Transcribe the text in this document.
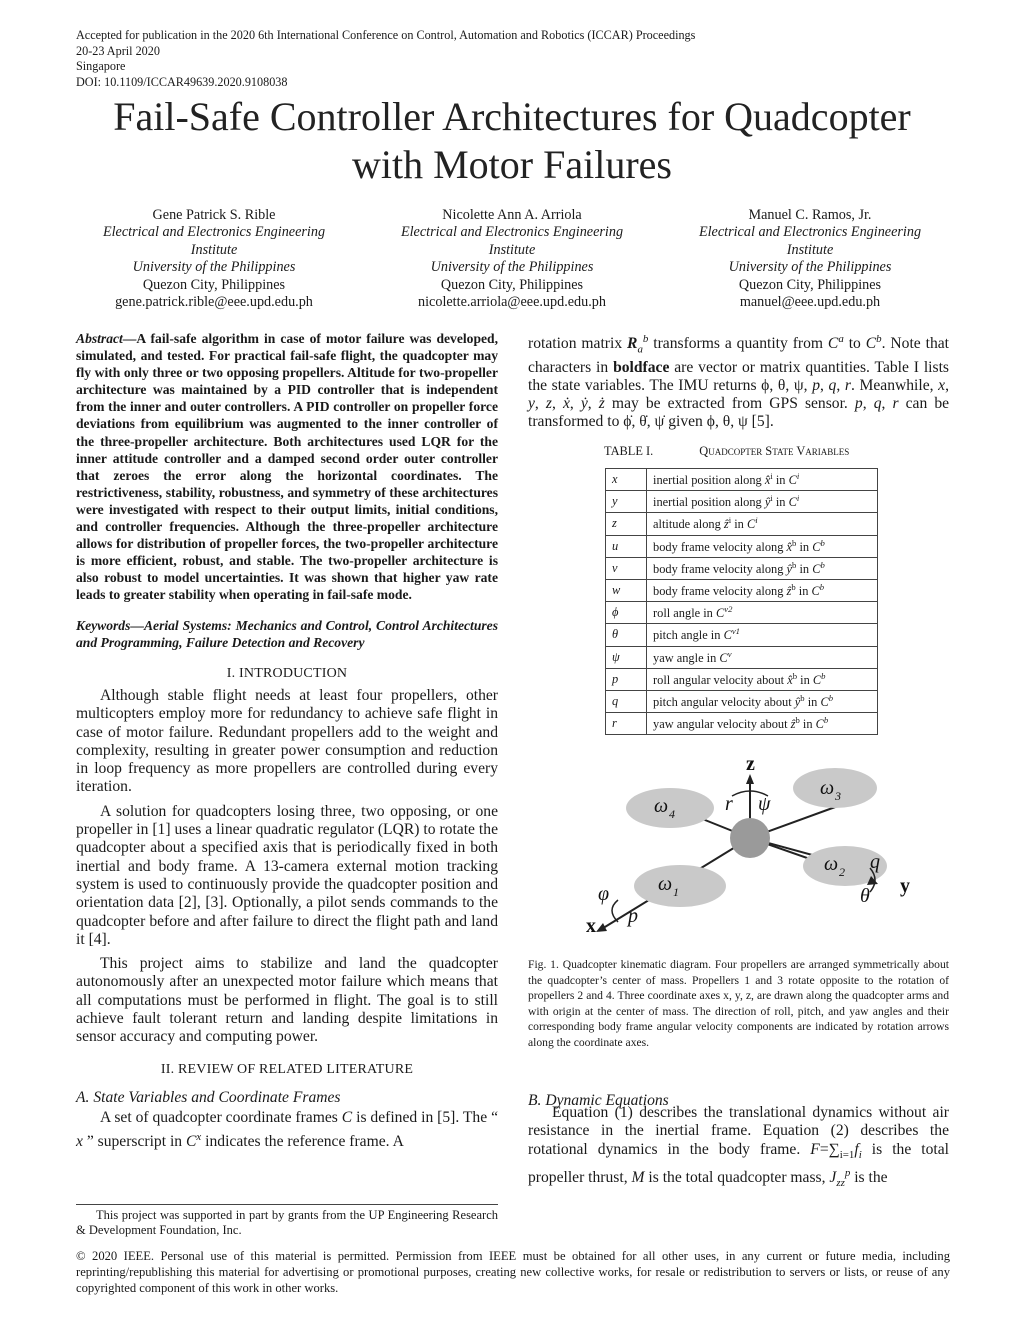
Accepted for publication in the 2020 6th International Conference on Control, Automation and Robotics (ICCAR) Proceedings
20-23 April 2020
Singapore
DOI: 10.1109/ICCAR49639.2020.9108038
Fail-Safe Controller Architectures for Quadcopter
with Motor Failures
Gene Patrick S. Rible
Electrical and Electronics Engineering
Institute
University of the Philippines
Quezon City, Philippines
gene.patrick.rible@eee.upd.edu.ph
Nicolette Ann A. Arriola
Electrical and Electronics Engineering
Institute
University of the Philippines
Quezon City, Philippines
nicolette.arriola@eee.upd.edu.ph
Manuel C. Ramos, Jr.
Electrical and Electronics Engineering
Institute
University of the Philippines
Quezon City, Philippines
manuel@eee.upd.edu.ph
Abstract—A fail-safe algorithm in case of motor failure was developed, simulated, and tested. For practical fail-safe flight, the quadcopter may fly with only three or two opposing propellers. Altitude for two-propeller architecture was maintained by a PID controller that is independent from the inner and outer controllers. A PID controller on propeller force deviations from equilibrium was augmented to the inner controller of the three-propeller architecture. Both architectures used LQR for the inner attitude controller and a damped second order outer controller that zeroes the error along the horizontal coordinates. The restrictiveness, stability, robustness, and symmetry of these architectures were investigated with respect to their output limits, initial conditions, and controller frequencies. Although the three-propeller architecture allows for distribution of propeller forces, the two-propeller architecture is more efficient, robust, and stable. The two-propeller architecture is also robust to model uncertainties. It was shown that higher yaw rate leads to greater stability when operating in fail-safe mode.
Keywords—Aerial Systems: Mechanics and Control, Control Architectures and Programming, Failure Detection and Recovery
I. INTRODUCTION

Although stable flight needs at least four propellers, other multicopters employ more for redundancy to achieve safe flight in case of motor failure. Redundant propellers add to the weight and complexity, resulting in greater power consumption and reduction in loop frequency as more propellers are controlled during every iteration.

A solution for quadcopters losing three, two opposing, or one propeller in [1] uses a linear quadratic regulator (LQR) to rotate the quadcopter about a specified axis that is periodically fixed in both inertial and body frame. A 13-camera external motion tracking system is used to continuously provide the quadcopter position and orientation data [2], [3]. Optionally, a pilot sends commands to the quadcopter before and after failure to direct the flight path and land it [4].

This project aims to stabilize and land the quadcopter autonomously after an unexpected motor failure which means that all computations must be performed in flight. The goal is to still achieve fault tolerant return and landing despite limitations in sensor accuracy and computing power.

II. REVIEW OF RELATED LITERATURE
A. State Variables and Coordinate Frames

A set of quadcopter coordinate frames C is defined in [5]. The “ x ” superscript in $C^x$ indicates the reference frame. A

rotation matrix $R_a^b$ transforms a quantity from $C^a$ to $C^b$. Note that characters in boldface are vector or matrix quantities. Table I lists the state variables. The IMU returns ϕ, θ, ψ, p, q, r. Meanwhile, x, y, z, ẋ, ẏ, ż may be extracted from GPS sensor. p, q, r can be transformed to ϕ̇, θ̇, ψ̇ given ϕ, θ, ψ [5].

TABLE I.	Quadcopter State Variables
x	inertial position along x̂$^i$ in $C^i$
y	inertial position along $ŷ^i$ in $C^i$
z	altitude along ẑ$^i$ in $C^i$
u	body frame velocity along x̂$^b$ in $C^b$
v	body frame velocity along $ŷ^b$ in $C^b$
w	body frame velocity along ẑ$^b$ in $C^b$
ϕ	roll angle in $C^{v2}$
θ	pitch angle in $C^{v1}$
ψ	yaw angle in $C^v$
p	roll angular velocity about x̂$^b$ in $C^b$
q	pitch angular velocity about $ŷ^b$ in $C^b$
r	yaw angular velocity about ẑ$^b$ in $C^b$
z
r ψ
ω 4
ω 3
ω 2
ω 1
q
y
θ
φ
p
x
Fig. 1. Quadcopter kinematic diagram. Four propellers are arranged symmetrically about the quadcopter’s center of mass. Propellers 1 and 3 rotate opposite to the rotation of propellers 2 and 4. Three coordinate axes x, y, z, are drawn along the quadcopter arms and with origin at the center of mass. The direction of roll, pitch, and yaw angles and their corresponding body frame angular velocity components are indicated by rotation arrows along the coordinate axes.
B. Dynamic Equations

Equation (1) describes the translational dynamics without air resistance in the inertial frame. Equation (2) describes the rotational dynamics in the body frame. $F=\sum_{i=1}f_i$ is the total propeller thrust, M is the total quadcopter mass, $J_{zz}^p$ is the

This project was supported in part by grants from the UP Engineering Research & Development Foundation, Inc.
© 2020 IEEE. Personal use of this material is permitted. Permission from IEEE must be obtained for all other uses, in any current or future media, including reprinting/republishing this material for advertising or promotional purposes, creating new collective works, for resale or redistribution to servers or lists, or reuse of any copyrighted component of this work in other works.
